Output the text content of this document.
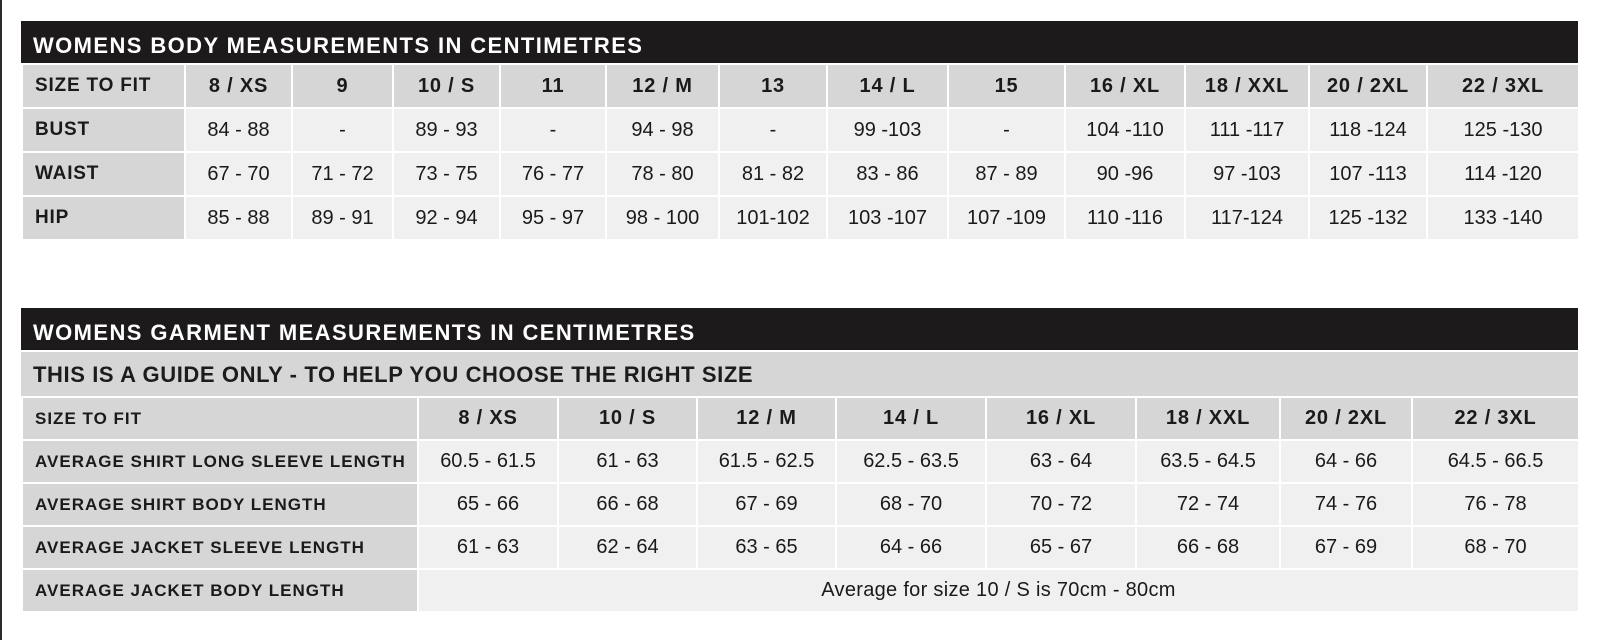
WOMENS BODY MEASUREMENTS IN CENTIMETRES
SIZE TO FIT	8 / XS	9	10 / S	11	12 / M	13	14 / L	15	16 / XL	18 / XXL	20 / 2XL	22 / 3XL
BUST	84 - 88	-	89 - 93	-	94 - 98	-	99 -103	-	104 -110	111 -117	118 -124	125 -130
WAIST	67 - 70	71 - 72	73 - 75	76 - 77	78 - 80	81 - 82	83 - 86	87 - 89	90 -96	97 -103	107 -113	114 -120
HIP	85 - 88	89 - 91	92 - 94	95 - 97	98 - 100	101-102	103 -107	107 -109	110 -116	117-124	125 -132	133 -140
WOMENS GARMENT MEASUREMENTS IN CENTIMETRES
THIS IS A GUIDE ONLY - TO HELP YOU CHOOSE THE RIGHT SIZE
SIZE TO FIT	8 / XS	10 / S	12 / M	14 / L	16 / XL	18 / XXL	20 / 2XL	22 / 3XL
AVERAGE SHIRT LONG SLEEVE LENGTH	60.5 - 61.5	61 - 63	61.5 - 62.5	62.5 - 63.5	63 - 64	63.5 - 64.5	64 - 66	64.5 - 66.5
AVERAGE SHIRT BODY LENGTH	65 - 66	66 - 68	67 - 69	68 - 70	70 - 72	72 - 74	74 - 76	76 - 78
AVERAGE JACKET SLEEVE LENGTH	61 - 63	62 - 64	63 - 65	64 - 66	65 - 67	66 - 68	67 - 69	68 - 70
AVERAGE JACKET BODY LENGTH	Average for size 10 / S is 70cm - 80cm							
